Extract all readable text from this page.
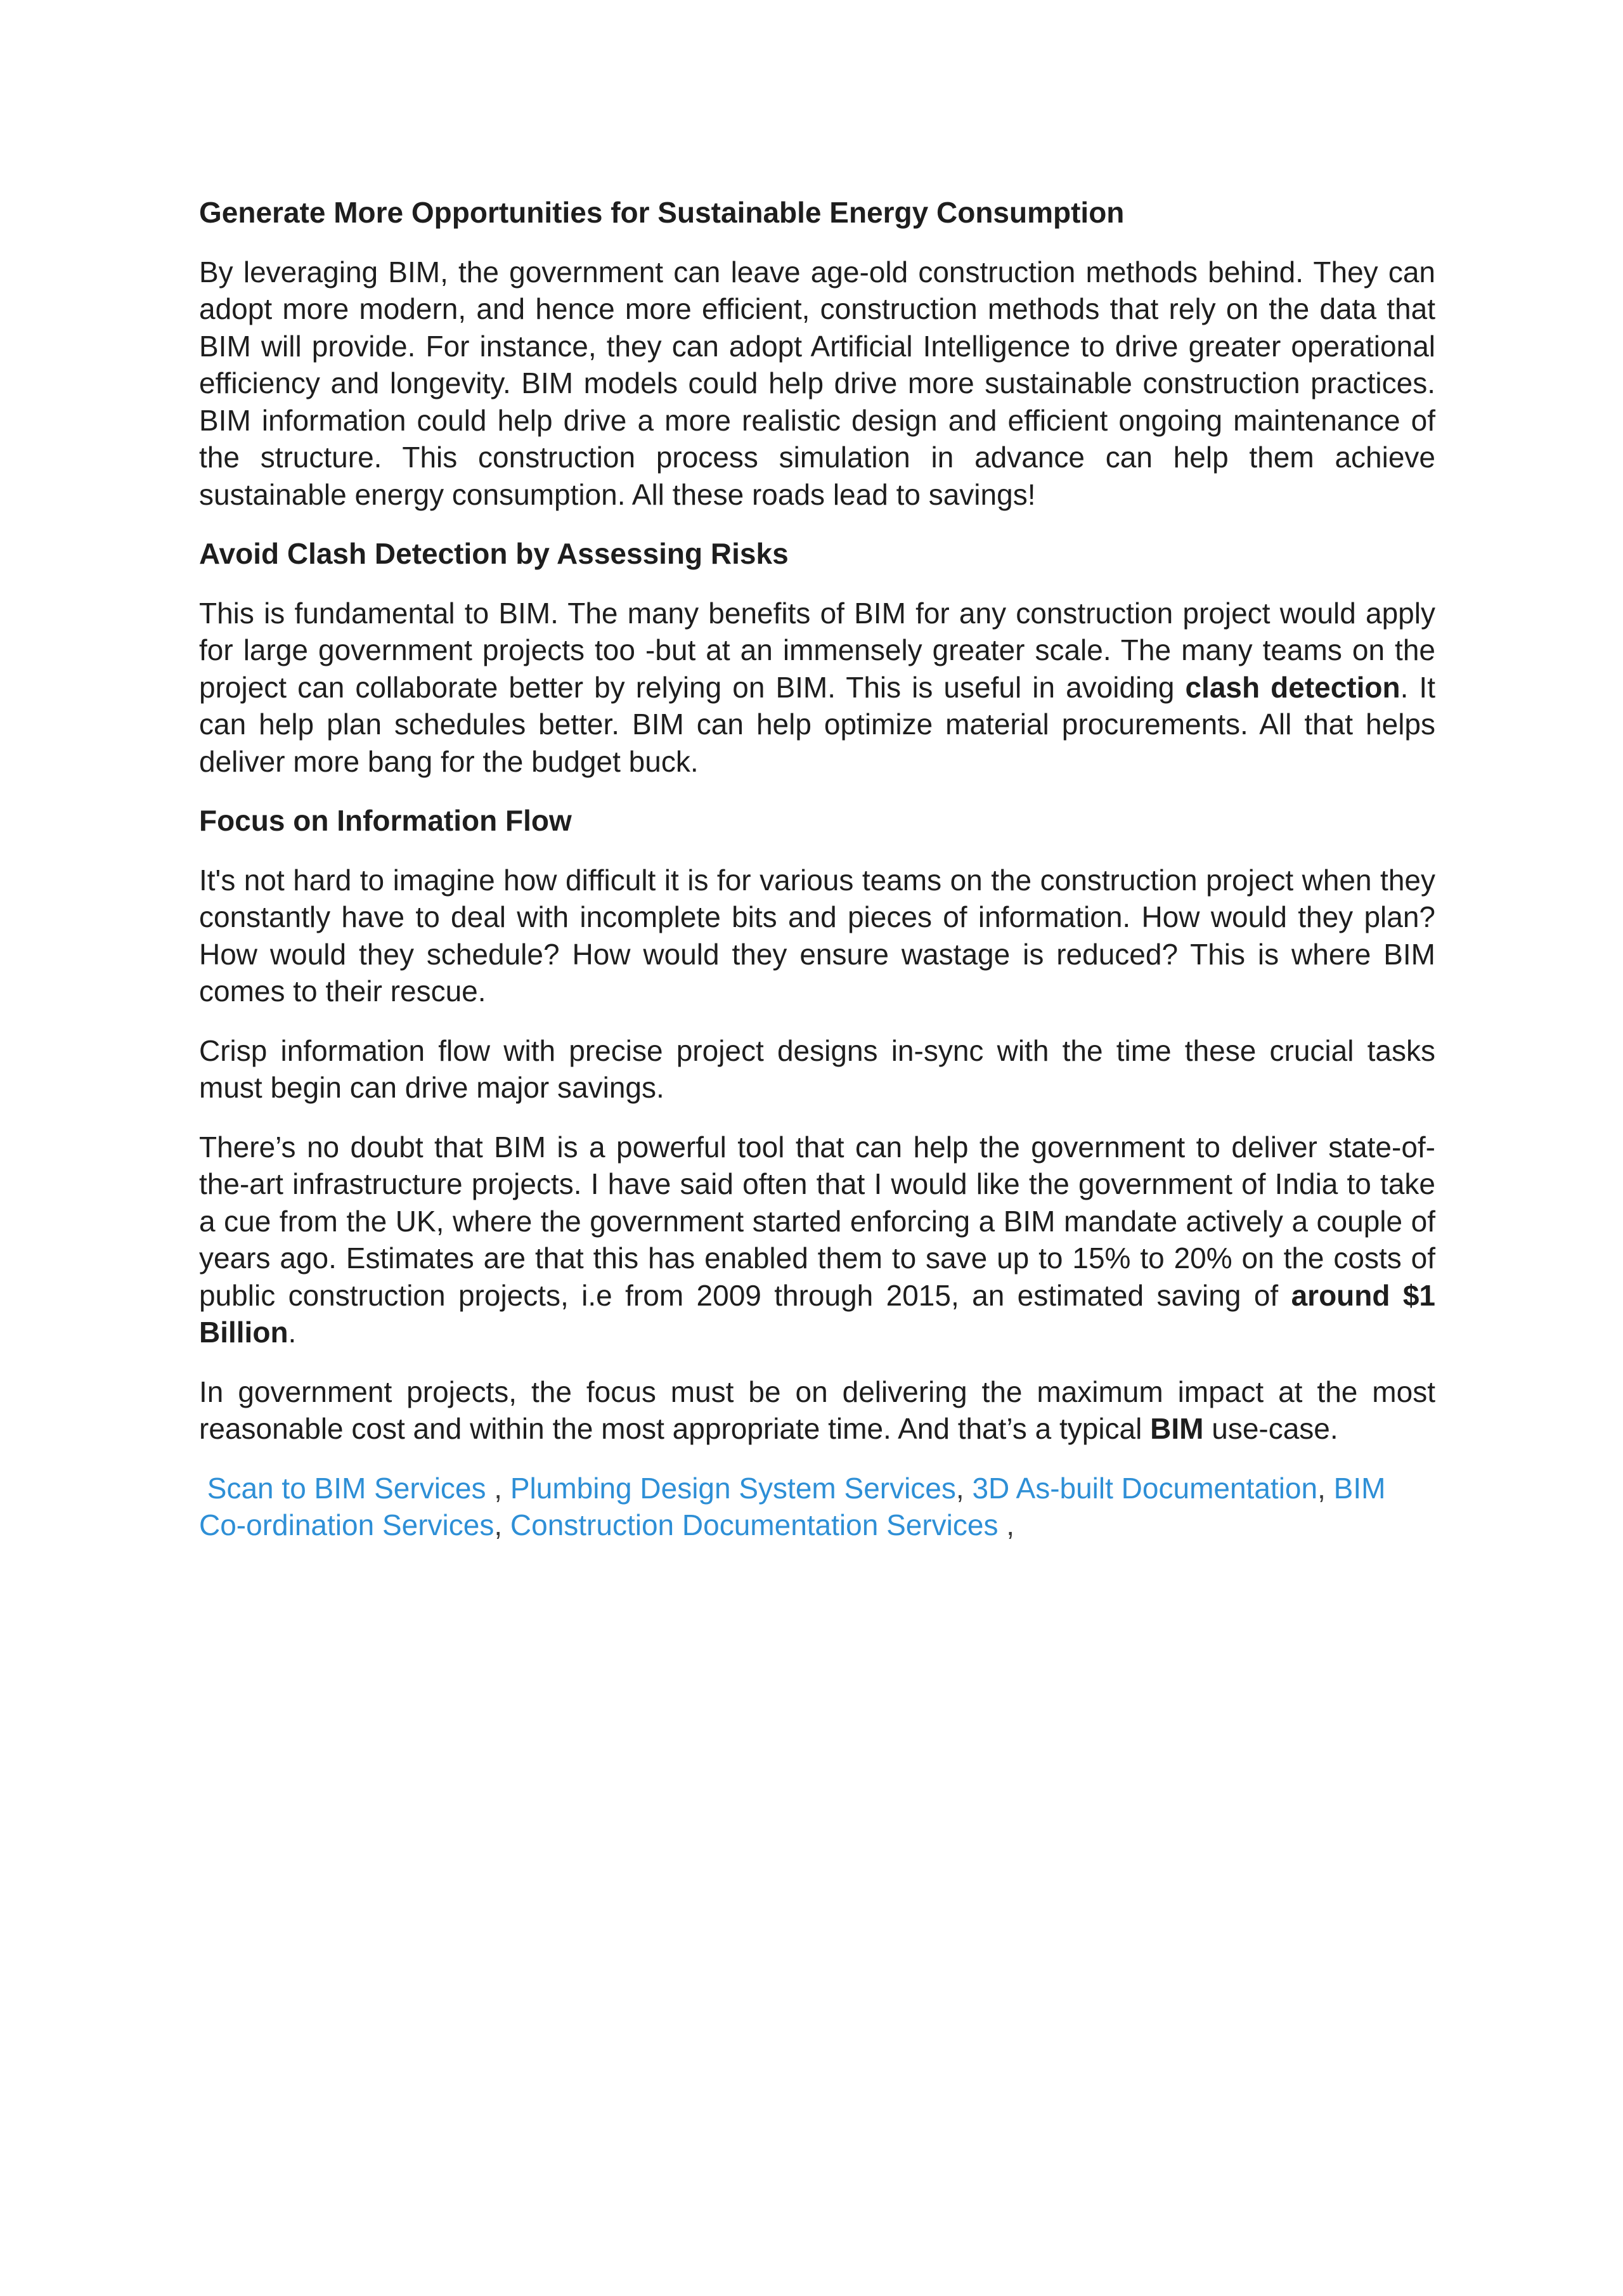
Generate More Opportunities for Sustainable Energy Consumption

By leveraging BIM, the government can leave age-old construction methods behind. They can adopt more modern, and hence more efficient, construction methods that rely on the data that BIM will provide. For instance, they can adopt Artificial Intelligence to drive greater operational efficiency and longevity. BIM models could help drive more sustainable construction practices. BIM information could help drive a more realistic design and efficient ongoing maintenance of the structure. This construction process simulation in advance can help them achieve sustainable energy consumption. All these roads lead to savings!

Avoid Clash Detection by Assessing Risks

This is fundamental to BIM. The many benefits of BIM for any construction project would apply for large government projects too -but at an immensely greater scale. The many teams on the project can collaborate better by relying on BIM. This is useful in avoiding clash detection. It can help plan schedules better. BIM can help optimize material procurements. All that helps deliver more bang for the budget buck.

Focus on Information Flow

It's not hard to imagine how difficult it is for various teams on the construction project when they constantly have to deal with incomplete bits and pieces of information. How would they plan? How would they schedule? How would they ensure wastage is reduced? This is where BIM comes to their rescue.

Crisp information flow with precise project designs in-sync with the time these crucial tasks must begin can drive major savings.

There’s no doubt that BIM is a powerful tool that can help the government to deliver state-of-the-art infrastructure projects. I have said often that I would like the government of India to take a cue from the UK, where the government started enforcing a BIM mandate actively a couple of years ago. Estimates are that this has enabled them to save up to 15% to 20% on the costs of public construction projects, i.e from 2009 through 2015, an estimated saving of around $1 Billion.

In government projects, the focus must be on delivering the maximum impact at the most reasonable cost and within the most appropriate time. And that’s a typical BIM use-case.

Scan to BIM Services , Plumbing Design System Services, 3D As-built Documentation, BIM Co-ordination Services, Construction Documentation Services ,
